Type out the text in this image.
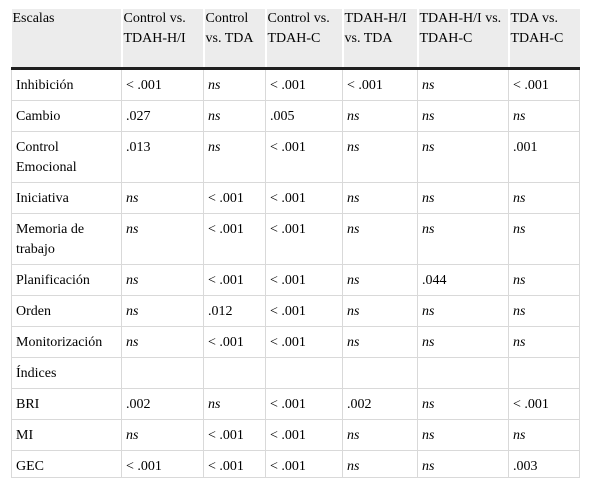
Escalas	Control vs. TDAH-H/I	Control vs. TDA	Control vs. TDAH-C	TDAH-H/I vs. TDA	TDAH-H/I vs. TDAH-C	TDA vs. TDAH-C
Inhibición	< .001	ns	< .001	< .001	ns	< .001
Cambio	.027	ns	.005	ns	ns	ns
Control Emocional	.013	ns	< .001	ns	ns	.001
Iniciativa	ns	< .001	< .001	ns	ns	ns
Memoria de trabajo	ns	< .001	< .001	ns	ns	ns
Planificación	ns	< .001	< .001	ns	.044	ns
Orden	ns	.012	< .001	ns	ns	ns
Monitorización	ns	< .001	< .001	ns	ns	ns
Índices						
BRI	.002	ns	< .001	.002	ns	< .001
MI	ns	< .001	< .001	ns	ns	ns
GEC	< .001	< .001	< .001	ns	ns	.003
